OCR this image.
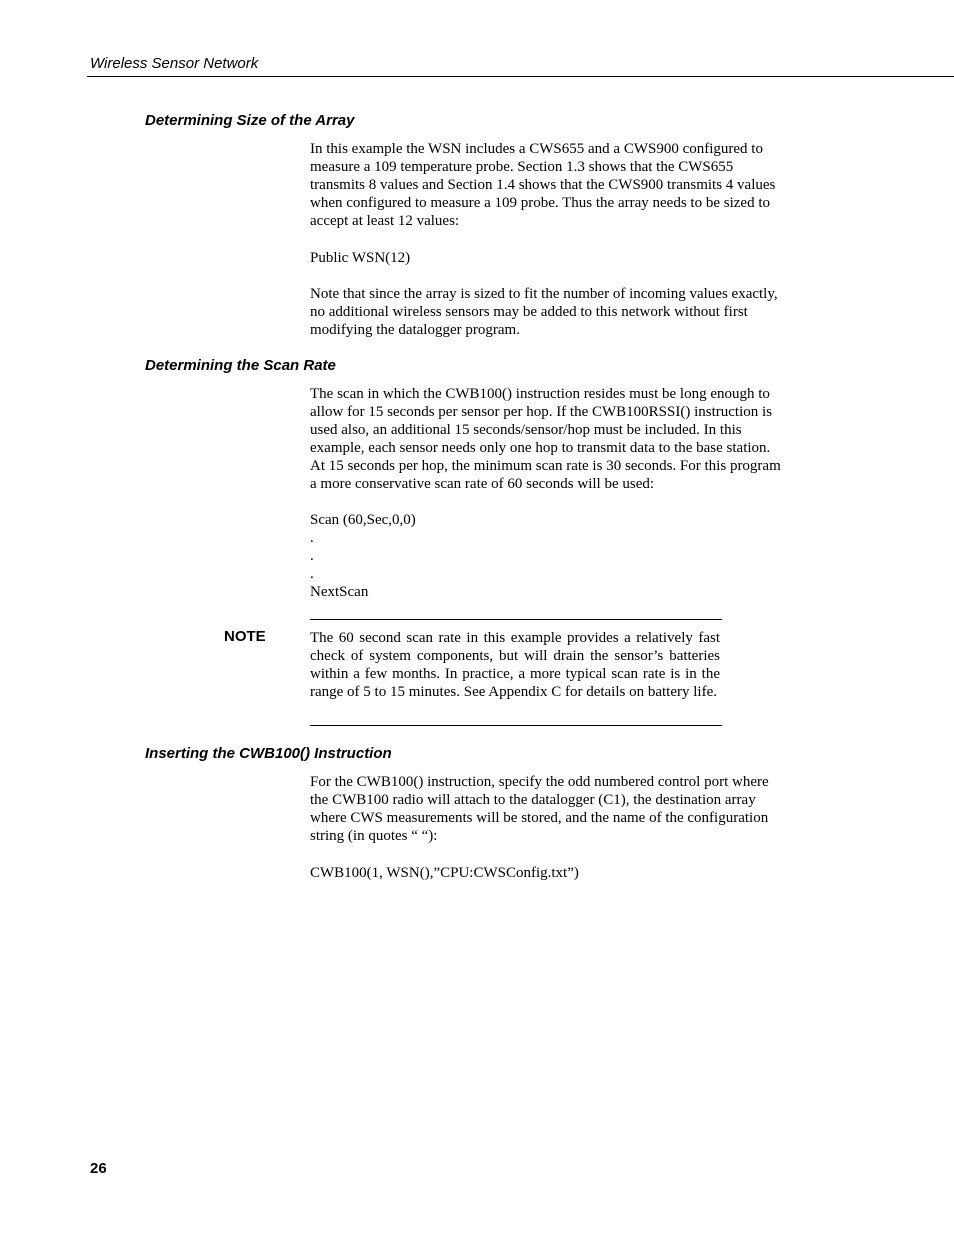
Wireless Sensor Network
Determining Size of the Array

In this example the WSN includes a CWS655 and a CWS900 configured to

measure a 109 temperature probe. Section 1.3 shows that the CWS655

transmits 8 values and Section 1.4 shows that the CWS900 transmits 4 values

when configured to measure a 109 probe. Thus the array needs to be sized to

accept at least 12 values:

Public WSN(12)

Note that since the array is sized to fit the number of incoming values exactly,

no additional wireless sensors may be added to this network without first

modifying the datalogger program.

Determining the Scan Rate

The scan in which the CWB100() instruction resides must be long enough to

allow for 15 seconds per sensor per hop. If the CWB100RSSI() instruction is

used also, an additional 15 seconds/sensor/hop must be included. In this

example, each sensor needs only one hop to transmit data to the base station.

At 15 seconds per hop, the minimum scan rate is 30 seconds. For this program

a more conservative scan rate of 60 seconds will be used:

Scan (60,Sec,0,0)
.
.
.
NextScan
NOTE	The 60 second scan rate in this example provides a relatively fast check of system components, but will drain the sensor’s batteries within a few months. In practice, a more typical scan rate is in the range of 5 to 15 minutes. See Appendix C for details on battery life.
Inserting the CWB100() Instruction

For the CWB100() instruction, specify the odd numbered control port where

the CWB100 radio will attach to the datalogger (C1), the destination array

where CWS measurements will be stored, and the name of the configuration

string (in quotes “ “):

CWB100(1, WSN(),”CPU:CWSConfig.txt”)
26
